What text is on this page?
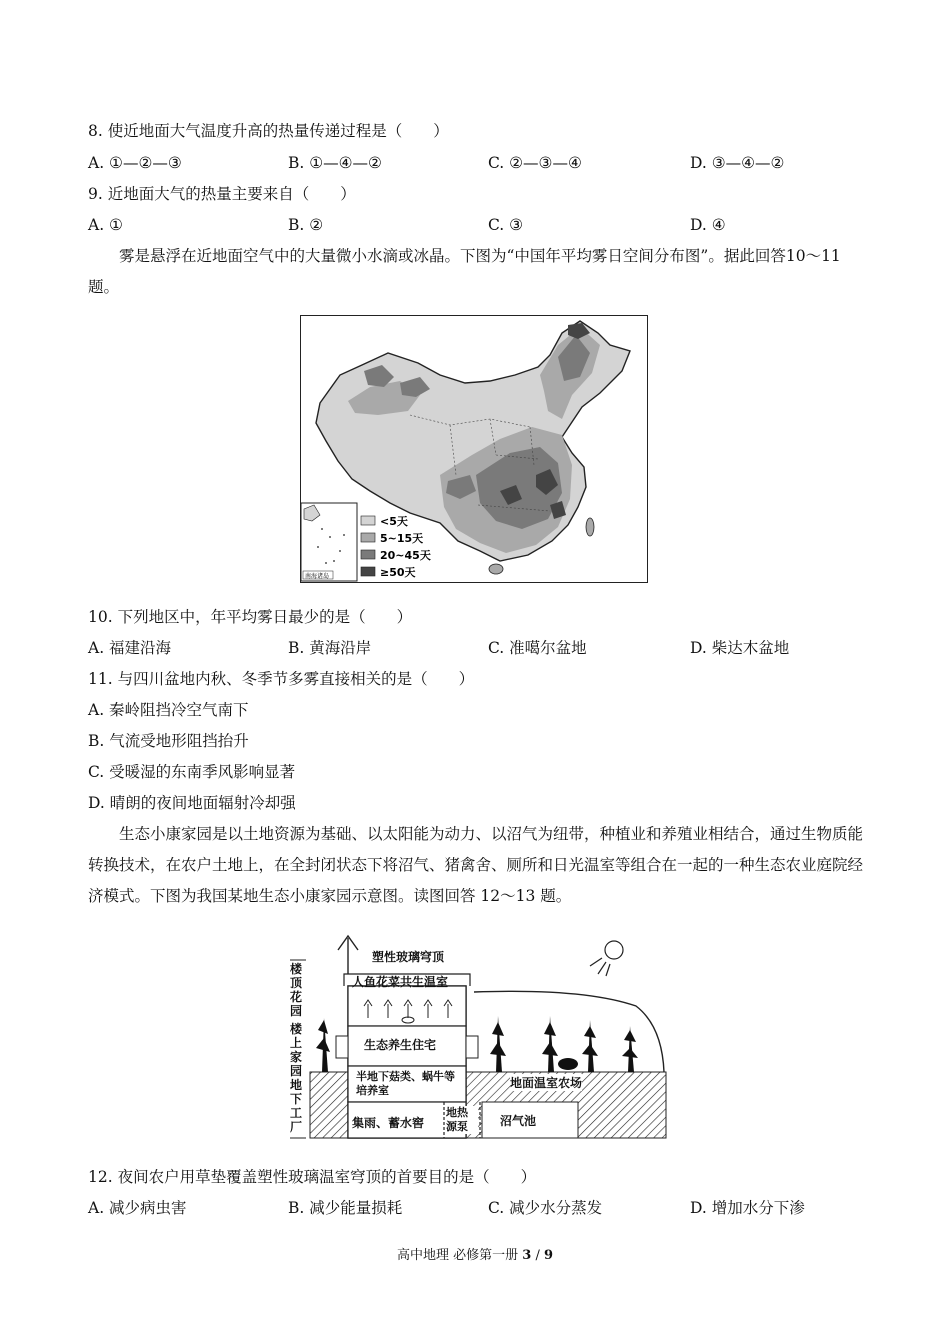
8. 使近地面大气温度升高的热量传递过程是（　　）
A. ①—②—③	B. ①—④—②	C. ②—③—④	D. ③—④—②
9. 近地面大气的热量主要来自（　　）
A. ①	B. ②	C. ③	D. ④
雾是悬浮在近地面空气中的大量微小水滴或冰晶。下图为“中国年平均雾日空间分布图”。据此回答10～11 题。
南海诸岛
<5天
5~15天
20~45天
≥50天
10. 下列地区中，年平均雾日最少的是（　　）
A. 福建沿海	B. 黄海沿岸	C. 准噶尔盆地	D. 柴达木盆地
11. 与四川盆地内秋、冬季节多雾直接相关的是（　　）
A. 秦岭阻挡冷空气南下
B. 气流受地形阻挡抬升
C. 受暖湿的东南季风影响显著
D. 晴朗的夜间地面辐射冷却强
生态小康家园是以土地资源为基础、以太阳能为动力、以沼气为纽带，种植业和养殖业相结合，通过生物质能转换技术，在农户土地上，在全封闭状态下将沼气、猪禽舍、厕所和日光温室等组合在一起的一种生态农业庭院经济模式。下图为我国某地生态小康家园示意图。读图回答 12～13 题。
楼顶花园
楼上家园
地下工厂
塑性玻璃穹顶
人鱼花菜共生温室
生态养生住宅
半地下菇类、蜗牛等培养室
地面温室农场
集雨、蓄水窖
地热源泵	沼气池
12. 夜间农户用草垫覆盖塑性玻璃温室穹顶的首要目的是（　　）
A. 减少病虫害	B. 减少能量损耗	C. 减少水分蒸发	D. 增加水分下渗
高中地理 必修第一册 3 / 9
